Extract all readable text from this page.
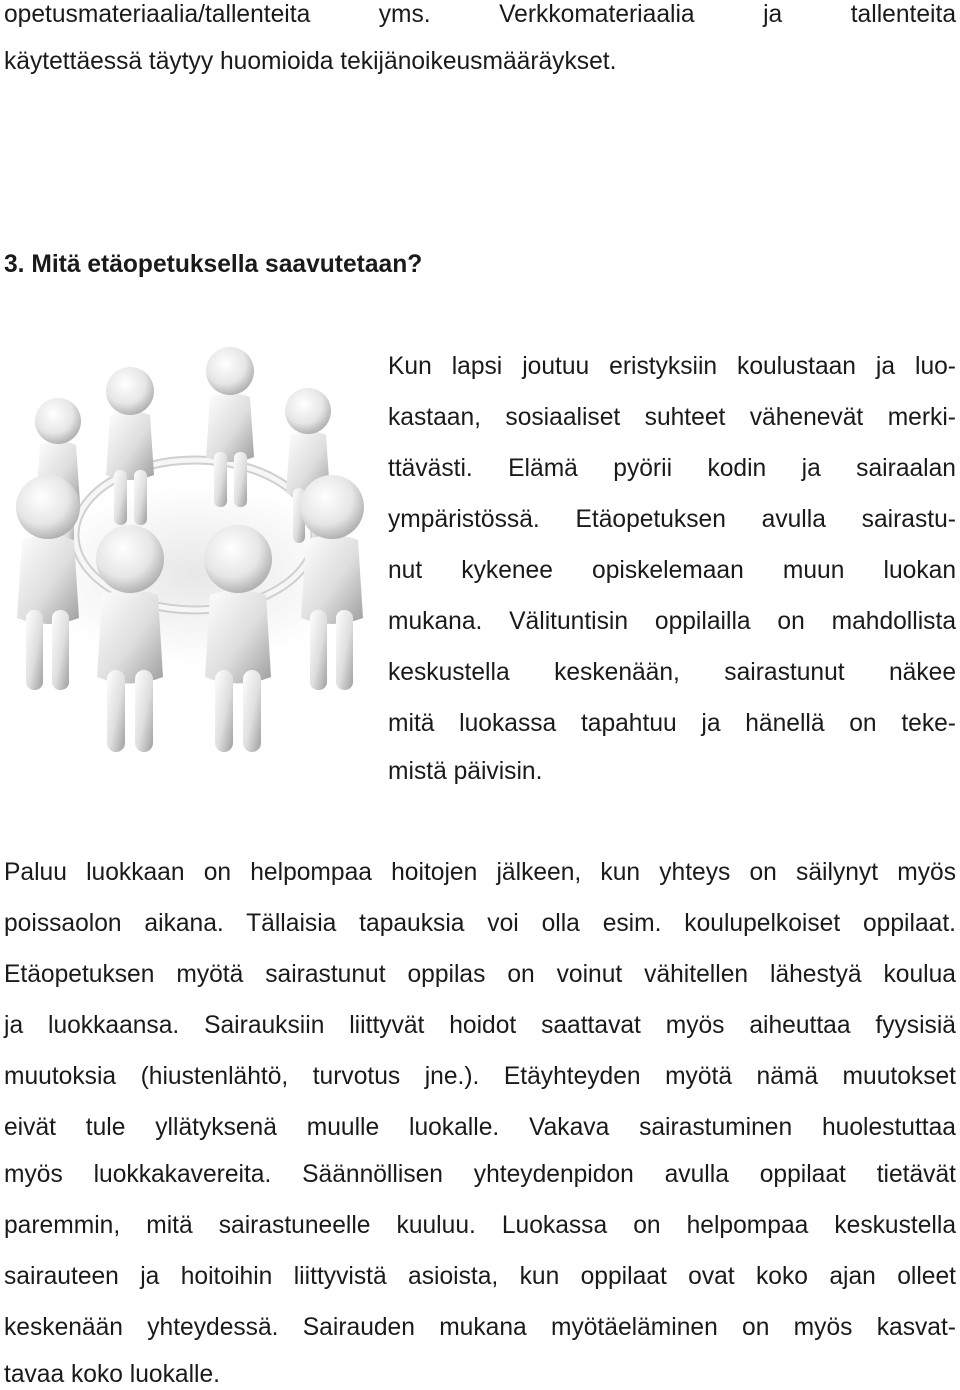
opetusmateriaalia/tallenteita yms. Verkkomateriaalia ja tallenteita
käytettäessä täytyy huomioida tekijänoikeusmääräykset.
3. Mitä etäopetuksella saavutetaan?
Kun lapsi joutuu eristyksiin koulustaan ja luo-
kastaan, sosiaaliset suhteet vähenevät merki-
ttävästi. Elämä pyörii kodin ja sairaalan
ympäristössä. Etäopetuksen avulla sairastu-
nut kykenee opiskelemaan muun luokan
mukana. Välituntisin oppilailla on mahdollista
keskustella keskenään, sairastunut näkee
mitä luokassa tapahtuu ja hänellä on teke-
mistä päivisin.
Paluu luokkaan on helpompaa hoitojen jälkeen, kun yhteys on säilynyt myös
poissaolon aikana. Tällaisia tapauksia voi olla esim. koulupelkoiset oppilaat.
Etäopetuksen myötä sairastunut oppilas on voinut vähitellen lähestyä koulua
ja luokkaansa. Sairauksiin liittyvät hoidot saattavat myös aiheuttaa fyysisiä
muutoksia (hiustenlähtö, turvotus jne.). Etäyhteyden myötä nämä muutokset
eivät tule yllätyksenä muulle luokalle. Vakava sairastuminen huolestuttaa
myös luokkakavereita. Säännöllisen yhteydenpidon avulla oppilaat tietävät
paremmin, mitä sairastuneelle kuuluu. Luokassa on helpompaa keskustella
sairauteen ja hoitoihin liittyvistä asioista, kun oppilaat ovat koko ajan olleet
keskenään yhteydessä. Sairauden mukana myötäeläminen on myös kasvat-
tavaa koko luokalle.
